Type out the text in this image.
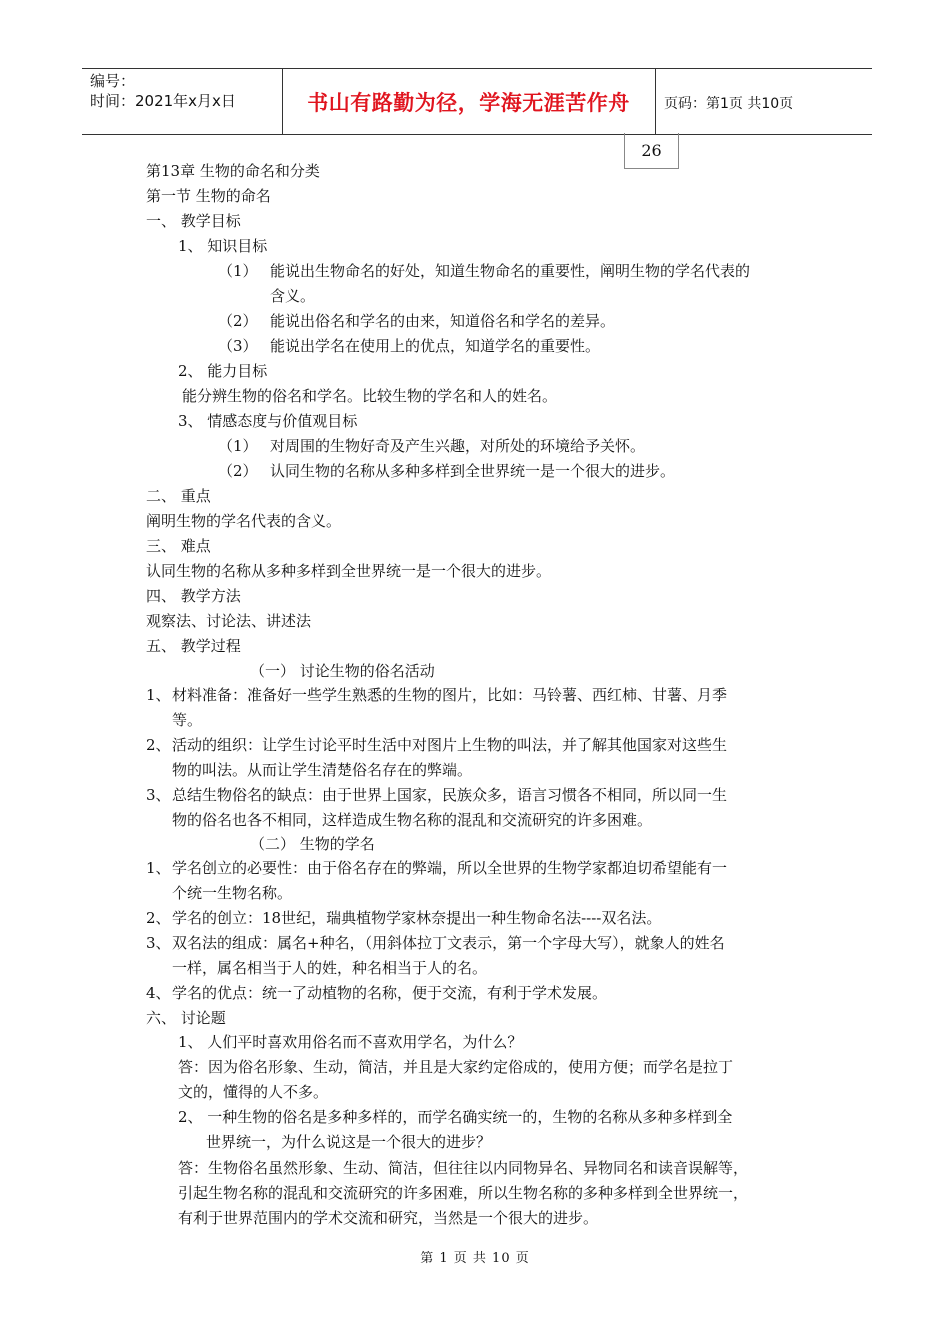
编号：
时间：2021年x月x日	书山有路勤为径，学海无涯苦作舟	页码：第1页 共10页
26
第13章 生物的命名和分类
第一节 生物的命名
一、 教学目标
1、 知识目标
（1） 能说出生物命名的好处，知道生物命名的重要性，阐明生物的学名代表的
含义。
（2） 能说出俗名和学名的由来，知道俗名和学名的差异。
（3） 能说出学名在使用上的优点，知道学名的重要性。
2、 能力目标
能分辨生物的俗名和学名。比较生物的学名和人的姓名。
3、 情感态度与价值观目标
（1） 对周围的生物好奇及产生兴趣，对所处的环境给予关怀。
（2） 认同生物的名称从多种多样到全世界统一是一个很大的进步。
二、 重点
阐明生物的学名代表的含义。
三、 难点
认同生物的名称从多种多样到全世界统一是一个很大的进步。
四、 教学方法
观察法、讨论法、讲述法
五、 教学过程
（一） 讨论生物的俗名活动
1、 材料准备：准备好一些学生熟悉的生物的图片，比如：马铃薯、西红柿、甘薯、月季
等。
2、 活动的组织：让学生讨论平时生活中对图片上生物的叫法，并了解其他国家对这些生
物的叫法。从而让学生清楚俗名存在的弊端。
3、 总结生物俗名的缺点：由于世界上国家，民族众多，语言习惯各不相同，所以同一生
物的俗名也各不相同，这样造成生物名称的混乱和交流研究的许多困难。
（二） 生物的学名
1、 学名创立的必要性：由于俗名存在的弊端，所以全世界的生物学家都迫切希望能有一
个统一生物名称。
2、 学名的创立：18世纪，瑞典植物学家林奈提出一种生物命名法----双名法。
3、 双名法的组成：属名+种名，（用斜体拉丁文表示，第一个字母大写），就象人的姓名
一样，属名相当于人的姓，种名相当于人的名。
4、 学名的优点：统一了动植物的名称，便于交流，有利于学术发展。
六、 讨论题
1、 人们平时喜欢用俗名而不喜欢用学名，为什么？
答：因为俗名形象、生动，简洁，并且是大家约定俗成的，使用方便；而学名是拉丁
文的，懂得的人不多。
2、 一种生物的俗名是多种多样的，而学名确实统一的，生物的名称从多种多样到全
世界统一，为什么说这是一个很大的进步？
答：生物俗名虽然形象、生动、简洁，但往往以内同物异名、异物同名和读音误解等，
引起生物名称的混乱和交流研究的许多困难，所以生物名称的多种多样到全世界统一，
有利于世界范围内的学术交流和研究，当然是一个很大的进步。
第 1 页 共 10 页
